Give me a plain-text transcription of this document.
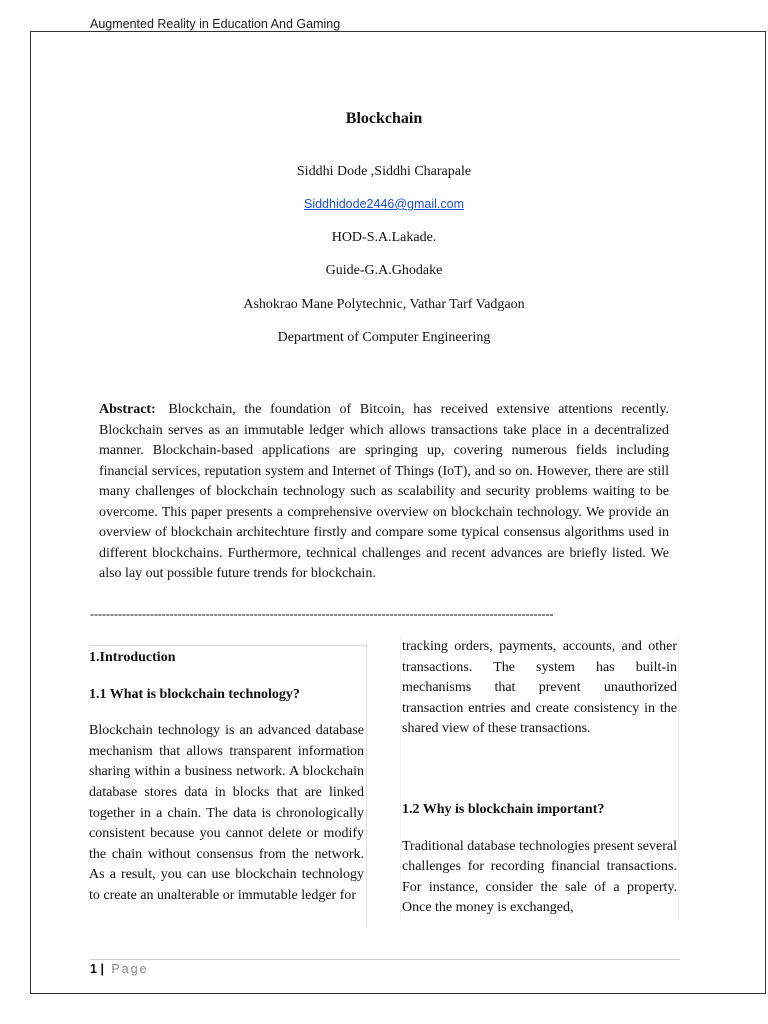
Augmented Reality in Education And Gaming
Blockchain
Siddhi Dode ,Siddhi Charapale
Siddhidode2446@gmail.com
HOD-S.A.Lakade.
Guide-G.A.Ghodake
Ashokrao Mane Polytechnic, Vathar Tarf Vadgaon
Department of Computer Engineering
Abstract: Blockchain, the foundation of Bitcoin, has received extensive attentions recently. Blockchain serves as an immutable ledger which allows transactions take place in a decentralized manner. Blockchain-based applications are springing up, covering numerous fields including financial services, reputation system and Internet of Things (IoT), and so on. However, there are still many challenges of blockchain technology such as scalability and security problems waiting to be overcome. This paper presents a comprehensive overview on blockchain technology. We provide an overview of blockchain architechture firstly and compare some typical consensus algorithms used in different blockchains. Furthermore, technical challenges and recent advances are briefly listed. We also lay out possible future trends for blockchain.
--------------------------------------------------------------------------------------------------------------------

1.Introduction

1.1 What is blockchain technology?

Blockchain technology is an advanced database mechanism that allows transparent information sharing within a business network. A blockchain database stores data in blocks that are linked together in a chain. The data is chronologically consistent because you cannot delete or modify the chain without consensus from the network. As a result, you can use blockchain technology to create an unalterable or immutable ledger for

tracking orders, payments, accounts, and other transactions. The system has built-in mechanisms that prevent unauthorized transaction entries and create consistency in the shared view of these transactions.

1.2 Why is blockchain important?

Traditional database technologies present several challenges for recording financial transactions. For instance, consider the sale of a property. Once the money is exchanged,

1 | Page
